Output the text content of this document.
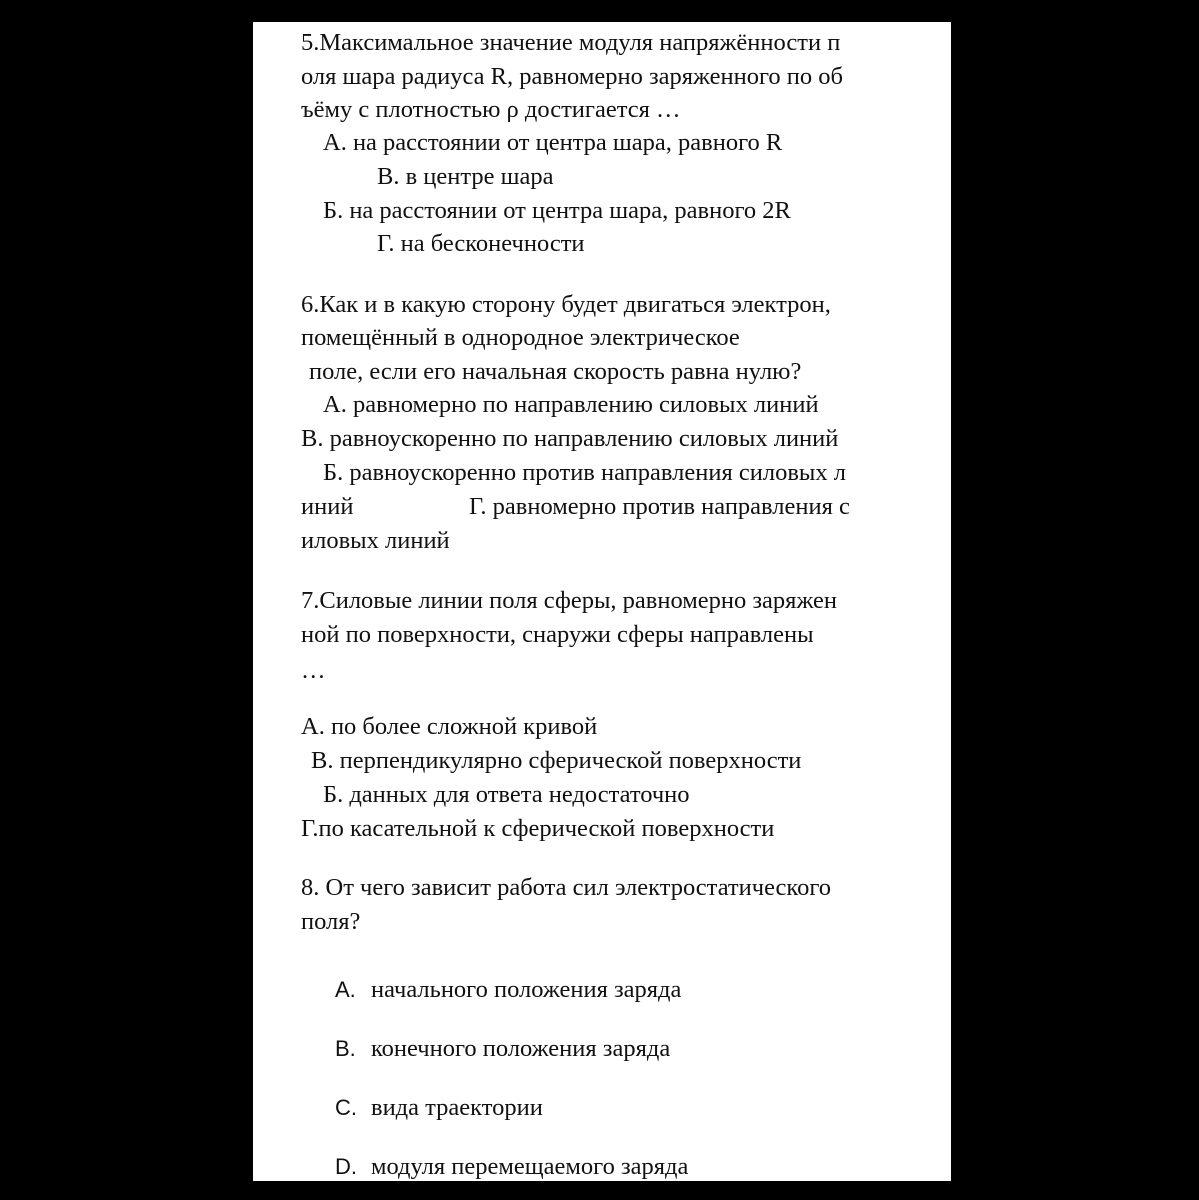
5.Максимальное значение модуля напряжённости п
оля шара радиуса R, равномерно заряженного по об
ъёму с плотностью ρ достигается …
А. на расстоянии от центра шара, равного R
В. в центре шара
Б. на расстоянии от центра шара, равного 2R
Г. на бесконечности
6.Как и в какую сторону будет двигаться электрон,
помещённый в однородное электрическое
поле, если его начальная скорость равна нулю?
А. равномерно по направлению силовых линий
В. равноускоренно по направлению силовых линий
Б. равноускоренно против направления силовых л
иний	Г. равномерно против направления с
иловых линий
7.Силовые линии поля сферы, равномерно заряжен
ной по поверхности, снаружи сферы направлены
…
А. по более сложной кривой
В. перпендикулярно сферической поверхности
Б. данных для ответа недостаточно
Г.по касательной к сферической поверхности
8. От чего зависит работа сил электростатического
поля?
A. начального положения заряда
B. конечного положения заряда
C. вида траектории
D. модуля перемещаемого заряда
